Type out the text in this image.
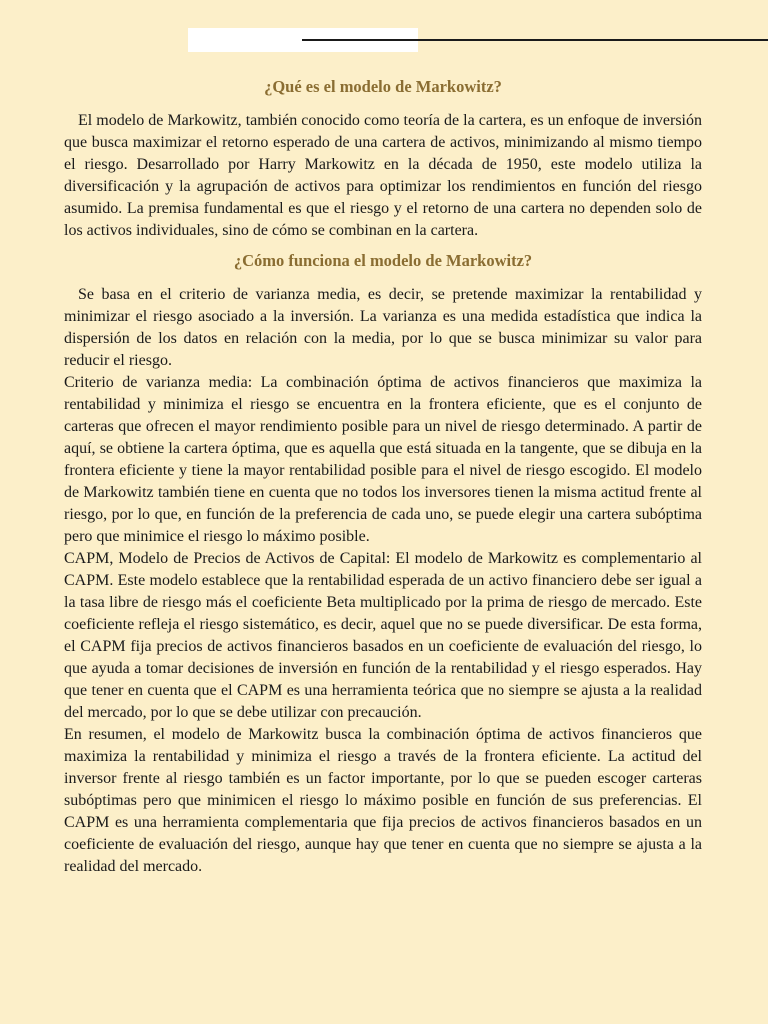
¿Qué es el modelo de Markowitz?

El modelo de Markowitz, también conocido como teoría de la cartera, es un enfoque de inversión que busca maximizar el retorno esperado de una cartera de activos, minimizando al mismo tiempo el riesgo. Desarrollado por Harry Markowitz en la década de 1950, este modelo utiliza la diversificación y la agrupación de activos para optimizar los rendimientos en función del riesgo asumido. La premisa fundamental es que el riesgo y el retorno de una cartera no dependen solo de los activos individuales, sino de cómo se combinan en la cartera.

¿Cómo funciona el modelo de Markowitz?

Se basa en el criterio de varianza media, es decir, se pretende maximizar la rentabilidad y minimizar el riesgo asociado a la inversión. La varianza es una medida estadística que indica la dispersión de los datos en relación con la media, por lo que se busca minimizar su valor para reducir el riesgo.

Criterio de varianza media: La combinación óptima de activos financieros que maximiza la rentabilidad y minimiza el riesgo se encuentra en la frontera eficiente, que es el conjunto de carteras que ofrecen el mayor rendimiento posible para un nivel de riesgo determinado. A partir de aquí, se obtiene la cartera óptima, que es aquella que está situada en la tangente, que se dibuja en la frontera eficiente y tiene la mayor rentabilidad posible para el nivel de riesgo escogido. El modelo de Markowitz también tiene en cuenta que no todos los inversores tienen la misma actitud frente al riesgo, por lo que, en función de la preferencia de cada uno, se puede elegir una cartera subóptima pero que minimice el riesgo lo máximo posible.

CAPM, Modelo de Precios de Activos de Capital: El modelo de Markowitz es complementario al CAPM. Este modelo establece que la rentabilidad esperada de un activo financiero debe ser igual a la tasa libre de riesgo más el coeficiente Beta multiplicado por la prima de riesgo de mercado. Este coeficiente refleja el riesgo sistemático, es decir, aquel que no se puede diversificar. De esta forma, el CAPM fija precios de activos financieros basados en un coeficiente de evaluación del riesgo, lo que ayuda a tomar decisiones de inversión en función de la rentabilidad y el riesgo esperados. Hay que tener en cuenta que el CAPM es una herramienta teórica que no siempre se ajusta a la realidad del mercado, por lo que se debe utilizar con precaución.

En resumen, el modelo de Markowitz busca la combinación óptima de activos financieros que maximiza la rentabilidad y minimiza el riesgo a través de la frontera eficiente. La actitud del inversor frente al riesgo también es un factor importante, por lo que se pueden escoger carteras subóptimas pero que minimicen el riesgo lo máximo posible en función de sus preferencias. El CAPM es una herramienta complementaria que fija precios de activos financieros basados en un coeficiente de evaluación del riesgo, aunque hay que tener en cuenta que no siempre se ajusta a la realidad del mercado.
